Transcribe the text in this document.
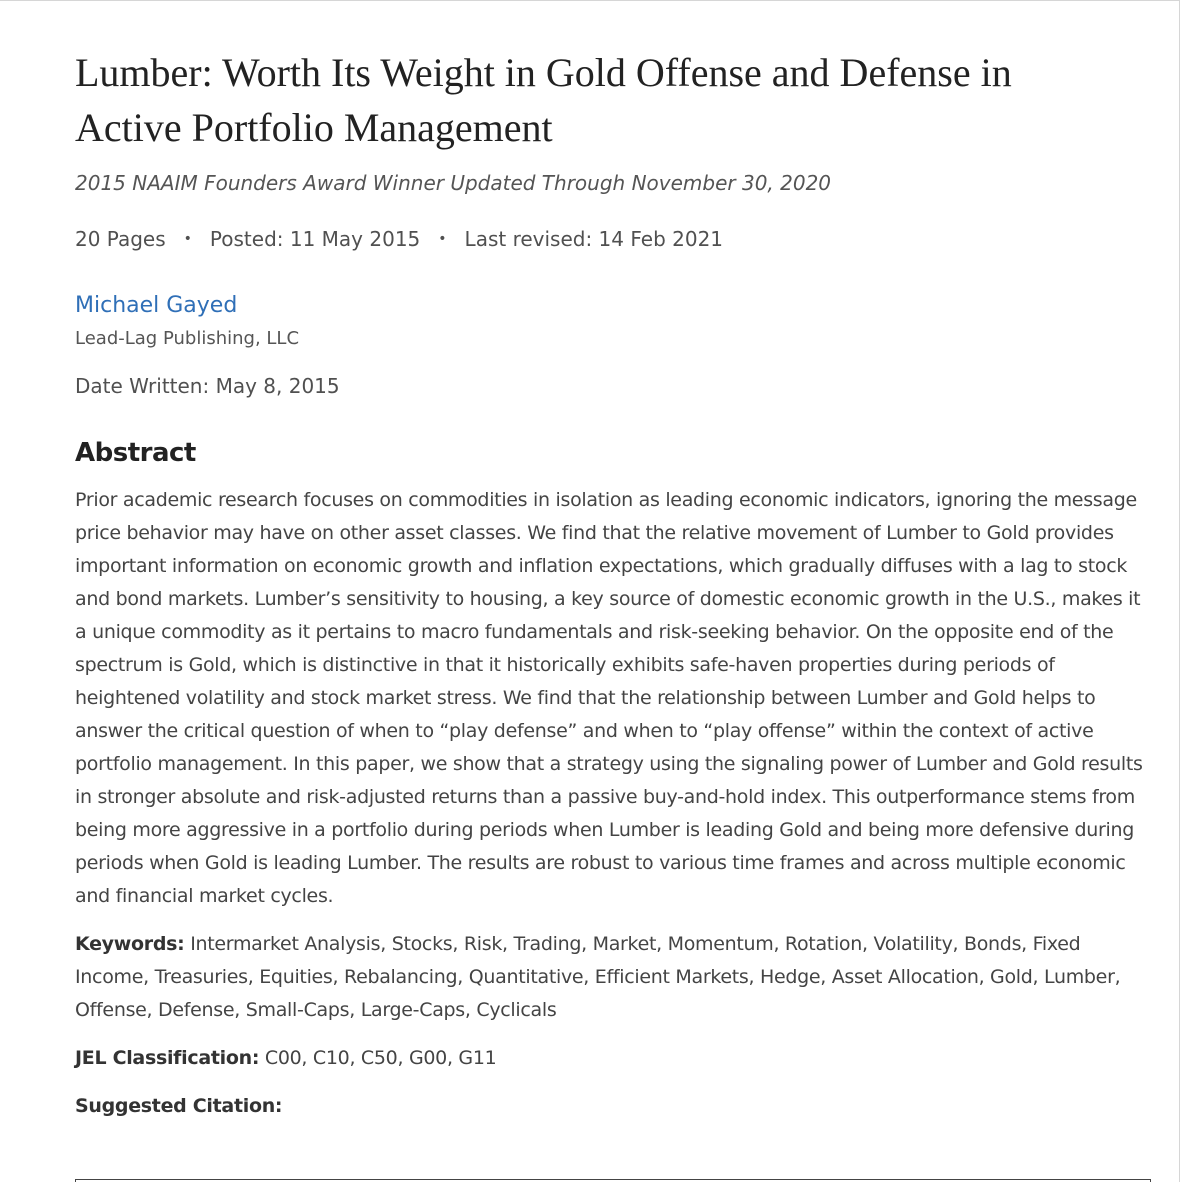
Lumber: Worth Its Weight in Gold Offense and Defense in Active Portfolio Management
2015 NAAIM Founders Award Winner Updated Through November 30, 2020
20 Pages • Posted: 11 May 2015 • Last revised: 14 Feb 2021
Michael Gayed
Lead-Lag Publishing, LLC
Date Written: May 8, 2015
Abstract
Prior academic research focuses on commodities in isolation as leading economic indicators, ignoring the message price behavior may have on other asset classes. We find that the relative movement of Lumber to Gold provides important information on economic growth and inflation expectations, which gradually diffuses with a lag to stock and bond markets. Lumber’s sensitivity to housing, a key source of domestic economic growth in the U.S., makes it a unique commodity as it pertains to macro fundamentals and risk-seeking behavior. On the opposite end of the spectrum is Gold, which is distinctive in that it historically exhibits safe-haven properties during periods of heightened volatility and stock market stress. We find that the relationship between Lumber and Gold helps to answer the critical question of when to “play defense” and when to “play offense” within the context of active portfolio management. In this paper, we show that a strategy using the signaling power of Lumber and Gold results in stronger absolute and risk-adjusted returns than a passive buy-and-hold index. This outperformance stems from being more aggressive in a portfolio during periods when Lumber is leading Gold and being more defensive during periods when Gold is leading Lumber. The results are robust to various time frames and across multiple economic and financial market cycles.
Keywords: Intermarket Analysis, Stocks, Risk, Trading, Market, Momentum, Rotation, Volatility, Bonds, Fixed Income, Treasuries, Equities, Rebalancing, Quantitative, Efficient Markets, Hedge, Asset Allocation, Gold, Lumber, Offense, Defense, Small-Caps, Large-Caps, Cyclicals
JEL Classification: C00, C10, C50, G00, G11
Suggested Citation:
